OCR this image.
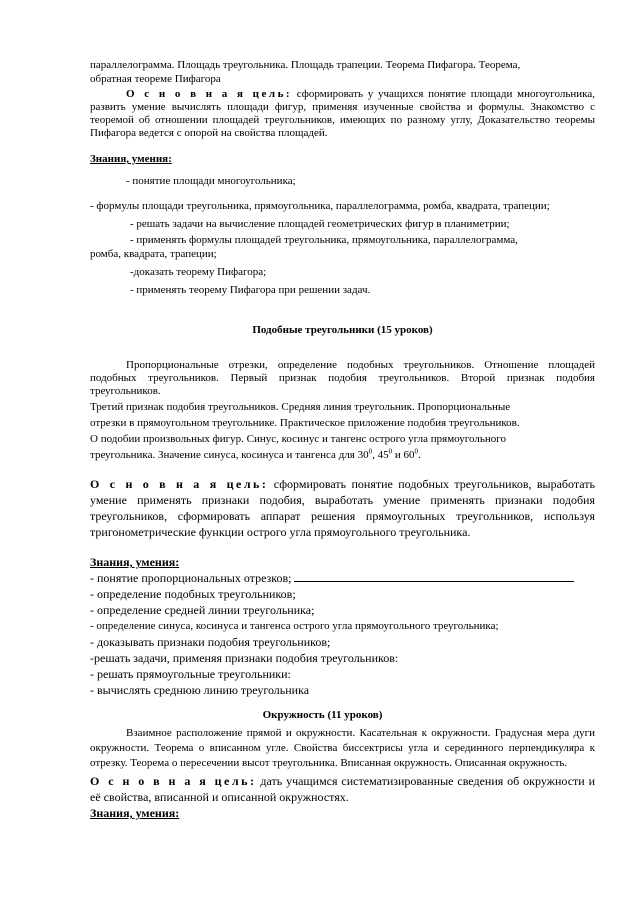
параллелограмма. Площадь треугольника. Площадь трапеции. Теорема Пифагора. Теорема,
обратная теореме Пифагора
О с н о в н а я цель: сформировать у учащихся понятие площади многоугольника, развить умение вычислять площади фигур, применяя изученные свойства и формулы. Знакомство с теоремой об отношении площадей треугольников, имеющих по разному углу, Доказательство теоремы Пифагора ведется с опорой на свойства площадей.
Знания, умения:
- понятие площади многоугольника;
- формулы площади треугольника, прямоугольника, параллелограмма, ромба, квадрата, трапеции;
- решать задачи на вычисление площадей геометрических фигур в планиметрии;
- применять формулы площадей треугольника, прямоугольника, параллелограмма,
ромба, квадрата, трапеции;
-доказать теорему Пифагора;
- применять теорему Пифагора при решении задач.
Подобные треугольники (15 уроков)
Пропорциональные отрезки, определение подобных треугольников. Отношение площадей подобных треугольников. Первый признак подобия треугольников. Второй признак подобия треугольников.
Третий признак подобия треугольников. Средняя линия треугольник. Пропорциональные
отрезки в прямоугольном треугольнике. Практическое приложение подобия треугольников.
О подобии произвольных фигур. Синус, косинус и тангенс острого угла прямоугольного
треугольника. Значение синуса, косинуса и тангенса для $30^0$, $45^0$ и $60^0$.
О с н о в н а я цель: сформировать понятие подобных треугольников, выработать умение применять признаки подобия, выработать умение применять признаки подобия треугольников, сформировать аппарат решения прямоугольных треугольников, используя тригонометрические функции острого угла прямоугольного треугольника.
Знания, умения:
- понятие пропорциональных отрезков;
- определение подобных треугольников;
- определение средней линии треугольника;
- определение синуса, косинуса и тангенса острого угла прямоугольного треугольника;
- доказывать признаки подобия треугольников;
-решать задачи, применяя признаки подобия треугольников:
- решать прямоугольные треугольники:
- вычислять среднюю линию треугольника
Окружность (11 уроков)
Взаимное расположение прямой и окружности. Касательная к окружности. Градусная мера дуги окружности. Теорема о вписанном угле. Свойства биссектрисы угла и серединного перпендикуляра к отрезку. Теорема о пересечении высот треугольника. Вписанная окружность. Описанная окружность.
О с н о в н а я цель: дать учащимся систематизированные сведения об окружности и её свойства, вписанной и описанной окружностях.
Знания, умения:
